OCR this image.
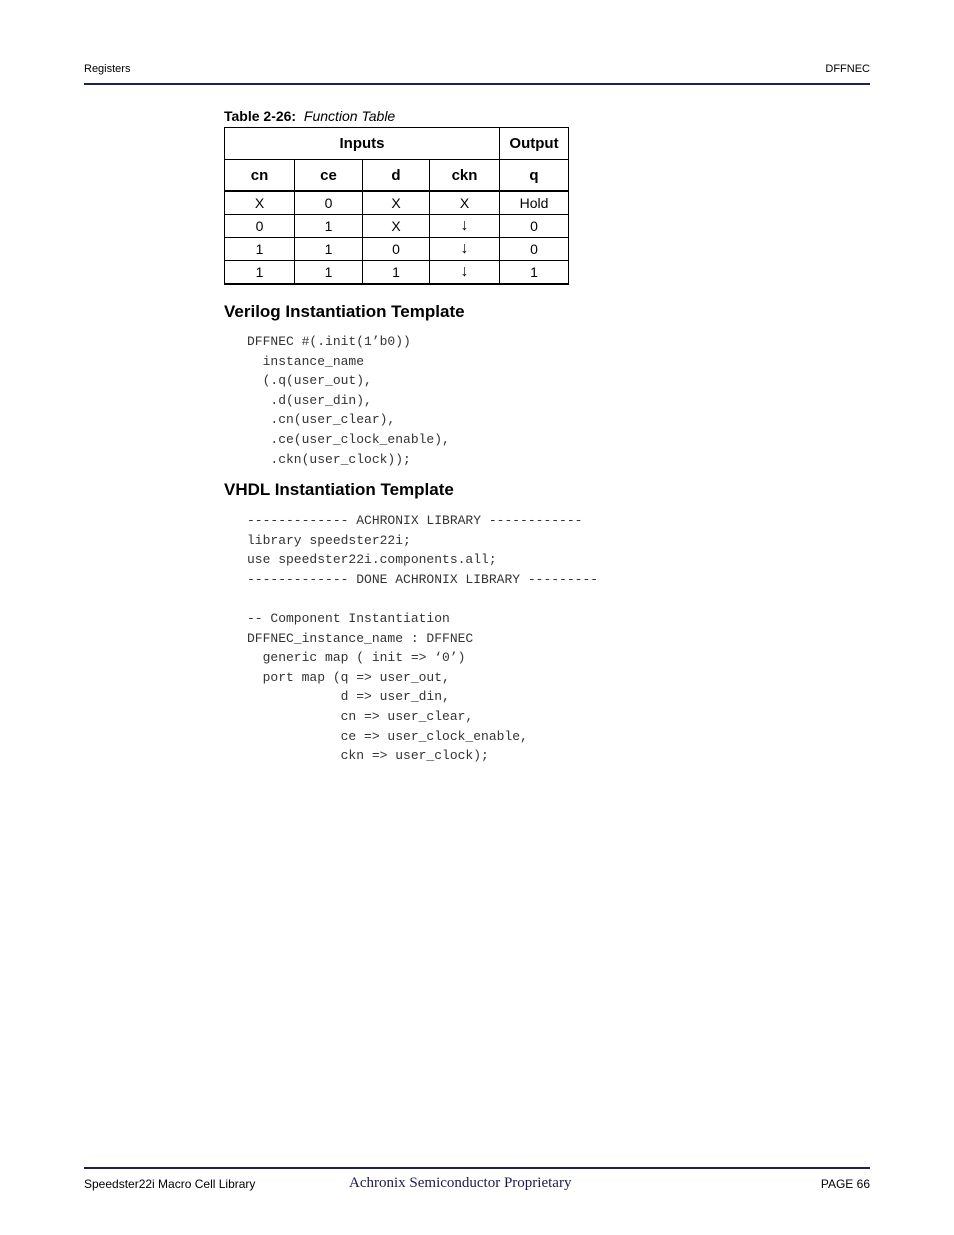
Registers	DFFNEC
Table 2-26: Function Table
Inputs				Output
cn	ce	d	ckn	q
X	0	X	X	Hold
0	1	X	↓	0
1	1	0	↓	0
1	1	1	↓	1
Verilog Instantiation Template
DFFNEC #(.init(1’b0))
instance_name
(.q(user_out),
.d(user_din),
.cn(user_clear),
.ce(user_clock_enable),
.ckn(user_clock));
VHDL Instantiation Template
------------- ACHRONIX LIBRARY ------------
library speedster22i;
use speedster22i.components.all;
------------- DONE ACHRONIX LIBRARY ---------

-- Component Instantiation
DFFNEC_instance_name : DFFNEC
generic map ( init => ‘0’)
port map (q => user_out,
d => user_din,
cn => user_clear,
ce => user_clock_enable,
ckn => user_clock);
Speedster22i Macro Cell Library	Achronix Semiconductor Proprietary	PAGE 66
